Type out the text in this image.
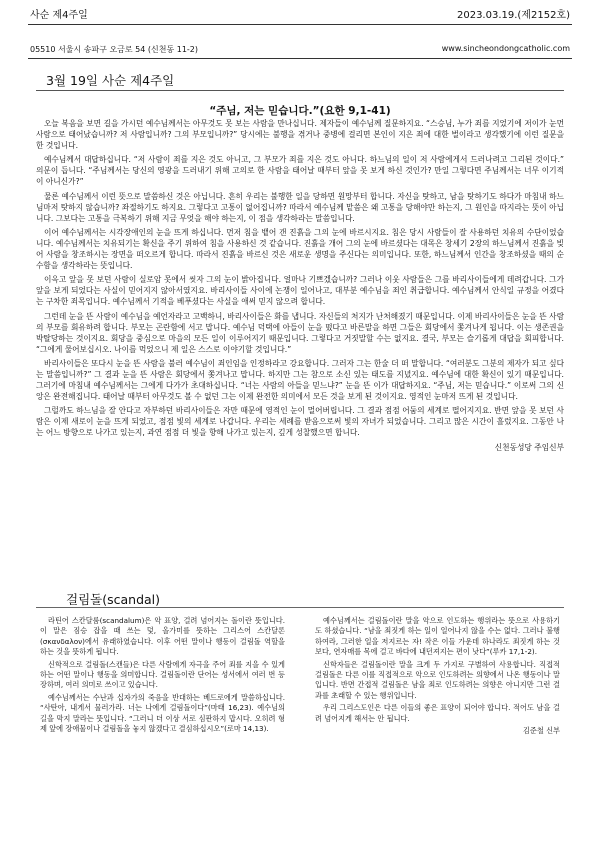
사순 제4주일	2023.03.19.(제2152호)
05510 서울시 송파구 오금로 54 (신천동 11-2)	www.sincheondongcatholic.com
3월 19일 사순 제4주일
“주님, 저는 믿습니다.”(요한 9,1-41)

오늘 복음을 보면 길을 가시던 예수님께서는 아무것도 못 보는 사람을 만나십니다. 제자들이 예수님께 질문하지요. “스승님, 누가 죄를 지었기에 저이가 눈먼 사람으로 태어났습니까? 저 사람입니까? 그의 부모입니까?” 당시에는 불행을 겪거나 중병에 걸리면 본인이 지은 죄에 대한 벌이라고 생각했기에 이런 질문을 한 것입니다.

예수님께서 대답하십니다. “저 사람이 죄를 지은 것도 아니고, 그 부모가 죄를 지은 것도 아니다. 하느님의 일이 저 사람에게서 드러나려고 그리된 것이다.” 의문이 듭니다. “주님께서는 당신의 영광을 드러내기 위해 고의로 한 사람을 태어날 때부터 앞을 못 보게 하신 것인가? 만일 그렇다면 주님께서는 너무 이기적이 아니신가?”

물론 예수님께서 이런 뜻으로 말씀하신 것은 아닙니다. 흔히 우리는 불행한 일을 당하면 원망부터 합니다. 자신을 탓하고, 남을 탓하기도 하다가 마침내 하느님마저 탓하지 않습니까? 좌절하기도 하지요. 그렇다고 고통이 없어집니까? 따라서 예수님께 맡씀은 왜 고통을 당해야만 하는지, 그 원인을 따지라는 뜻이 아닙니다. 그보다는 고통을 극복하기 위해 지금 무엇을 해야 하는지, 이 점을 생각하라는 말씀입니다.

이어 예수님께서는 시각장애인의 눈을 뜨게 하십니다. 먼저 침을 뱉어 갠 진흙을 그의 눈에 바르시지요. 침은 당시 사람들이 잘 사용하던 치유의 수단이었습니다. 예수님께서는 치유되기는 확신을 주기 위하여 침을 사용하신 것 같습니다. 진흙을 개어 그의 눈에 바르셨다는 대목은 창세기 2장의 하느님께서 진흙을 빚어 사람을 창조하시는 장면을 떠오르게 합니다. 따라서 진흙을 바르신 것은 새로운 생명을 주신다는 의미입니다. 또한, 하느님께서 인간을 창조하셨을 때의 순수함을 생각하라는 뜻입니다.

이윽고 앞을 못 보던 사람이 실로암 못에서 씻자 그의 눈이 밝아집니다. 얼마나 기쁘겠습니까? 그러나 이웃 사람들은 그를 바리사이들에게 데려갑니다. 그가 앞을 보게 되었다는 사실이 믿어지지 않아서였지요. 바리사이들 사이에 논쟁이 일어나고, 대부분 예수님을 죄인 취급합니다. 예수님께서 안식일 규정을 어겼다는 구차한 죄목입니다. 예수님께서 기적을 베푸셨다는 사실을 애써 믿지 않으려 합니다.

그런데 눈을 뜬 사람이 예수님을 예언자라고 고백하니, 바리사이들은 화를 냅니다. 자신들의 처지가 난처해졌기 때문입니다. 이제 바리사이들은 눈을 뜬 사람의 부모를 회유하려 합니다. 부모는 곤란함에 서고 맙니다. 예수님 덕택에 아들이 눈을 떴다고 바른말을 하면 그들은 회당에서 쫓겨나게 됩니다. 이는 생존권을 박탈당하는 것이지요. 회당을 중심으로 마을의 모든 일이 이루어지기 때문입니다. 그렇다고 거짓말할 수는 없지요. 결국, 부모는 슬기롭게 대답을 회피합니다. “그에게 물어보십시오. 나이를 먹었으니 제 일은 스스로 이야기할 것입니다.”

바리사이들은 또다시 눈을 뜬 사람을 불러 예수님이 죄인임을 인정하라고 강요합니다. 그러자 그는 한술 더 떠 말합니다. “여러분도 그분의 제자가 되고 싶다는 말씀입니까?” 그 결과 눈을 뜬 사람은 회당에서 쫓겨나고 맙니다. 하지만 그는 참으로 소신 있는 태도를 지녔지요. 예수님에 대한 확신이 있기 때문입니다. 그러기에 마침내 예수님께서는 그에게 다가가 초대하십니다. “너는 사람의 아들을 믿느냐?” 눈을 뜬 이가 대답하지요. “주님, 저는 믿습니다.” 이로써 그의 신앙은 완전해집니다. 태어날 때부터 아무것도 볼 수 없던 그는 이제 완전한 의미에서 모든 것을 보게 된 것이지요. 영적인 눈마저 뜨게 된 것입니다.

그럴까도 하느님을 잘 안다고 자부하던 바리사이들은 자만 때문에 영적인 눈이 멀어버립니다. 그 결과 점점 어둠의 세계로 떨어지지요. 반면 앞을 못 보던 사람은 이제 새로이 눈을 뜨게 되었고, 점점 빛의 세계로 나갑니다. 우리는 세례를 받음으로써 빛의 자녀가 되었습니다. 그리고 많은 시간이 흘렀지요. 그동안 나는 어느 방향으로 나가고 있는지, 과연 점점 더 빛을 향해 나가고 있는지, 깊게 성찰했으면 합니다.

신천동성당 주임신부
걸림돌(scandal)

라틴어 스칸달룸(scandalum)은 악 표양, 걸려 넘어지는 돌이란 뜻입니다. 이 말은 짐승 잡을 때 쓰는 덫, 올가미를 뜻하는 그리스어 스칸달론(σκανδαλον)에서 유래하였습니다. 이후 어떤 말이나 행동이 걸림돌 역할을 하는 것을 뜻하게 됩니다.

신학적으로 걸림돌(스캔들)은 다른 사람에게 자극을 주어 죄를 지을 수 있게 하는 어떤 말이나 행동을 의미합니다. 걸림돌이란 단어는 성서에서 여러 번 등장하며, 여러 의미로 쓰이고 있습니다.

예수님께서는 수난과 십자가의 죽음을 반대하는 베드로에게 말씀하십니다. “사탄아, 내게서 물러가라. 너는 나에게 걸림돌이다”(마태 16,23). 예수님의 길을 막지 말라는 뜻입니다. “그러니 더 이상 서로 심판하지 맙시다. 오히려 형제 앞에 장애물이나 걸림돌을 놓지 않겠다고 결심하십시오”(로마 14,13).

예수님께서는 걸림돌이란 말을 악으로 인도하는 행위라는 뜻으로 사용하기도 하셨습니다. “남을 죄짓게 하는 일이 일어나지 않을 수는 없다. 그러나 불행하여라, 그러한 일을 저지르는 자! 작은 이들 가운데 하나라도 죄짓게 하는 것보다, 연자매를 목에 걸고 바다에 내던져지는 편이 낫다”(루카 17,1-2).

신학자들은 걸림돌이란 말을 크게 두 가지로 구별하여 사용합니다. 직접적 걸림돌은 다른 이를 직접적으로 악으로 인도하려는 의향에서 나온 행동이나 말입니다. 반면 간접적 걸림돌은 남을 죄로 인도하려는 의향은 아니지만 그런 결과를 초래할 수 있는 행위입니다.

우리 그리스도인은 다른 이들의 좋은 표양이 되어야 합니다. 적어도 남을 걸려 넘어지게 해서는 안 됩니다.

김준철 신부
